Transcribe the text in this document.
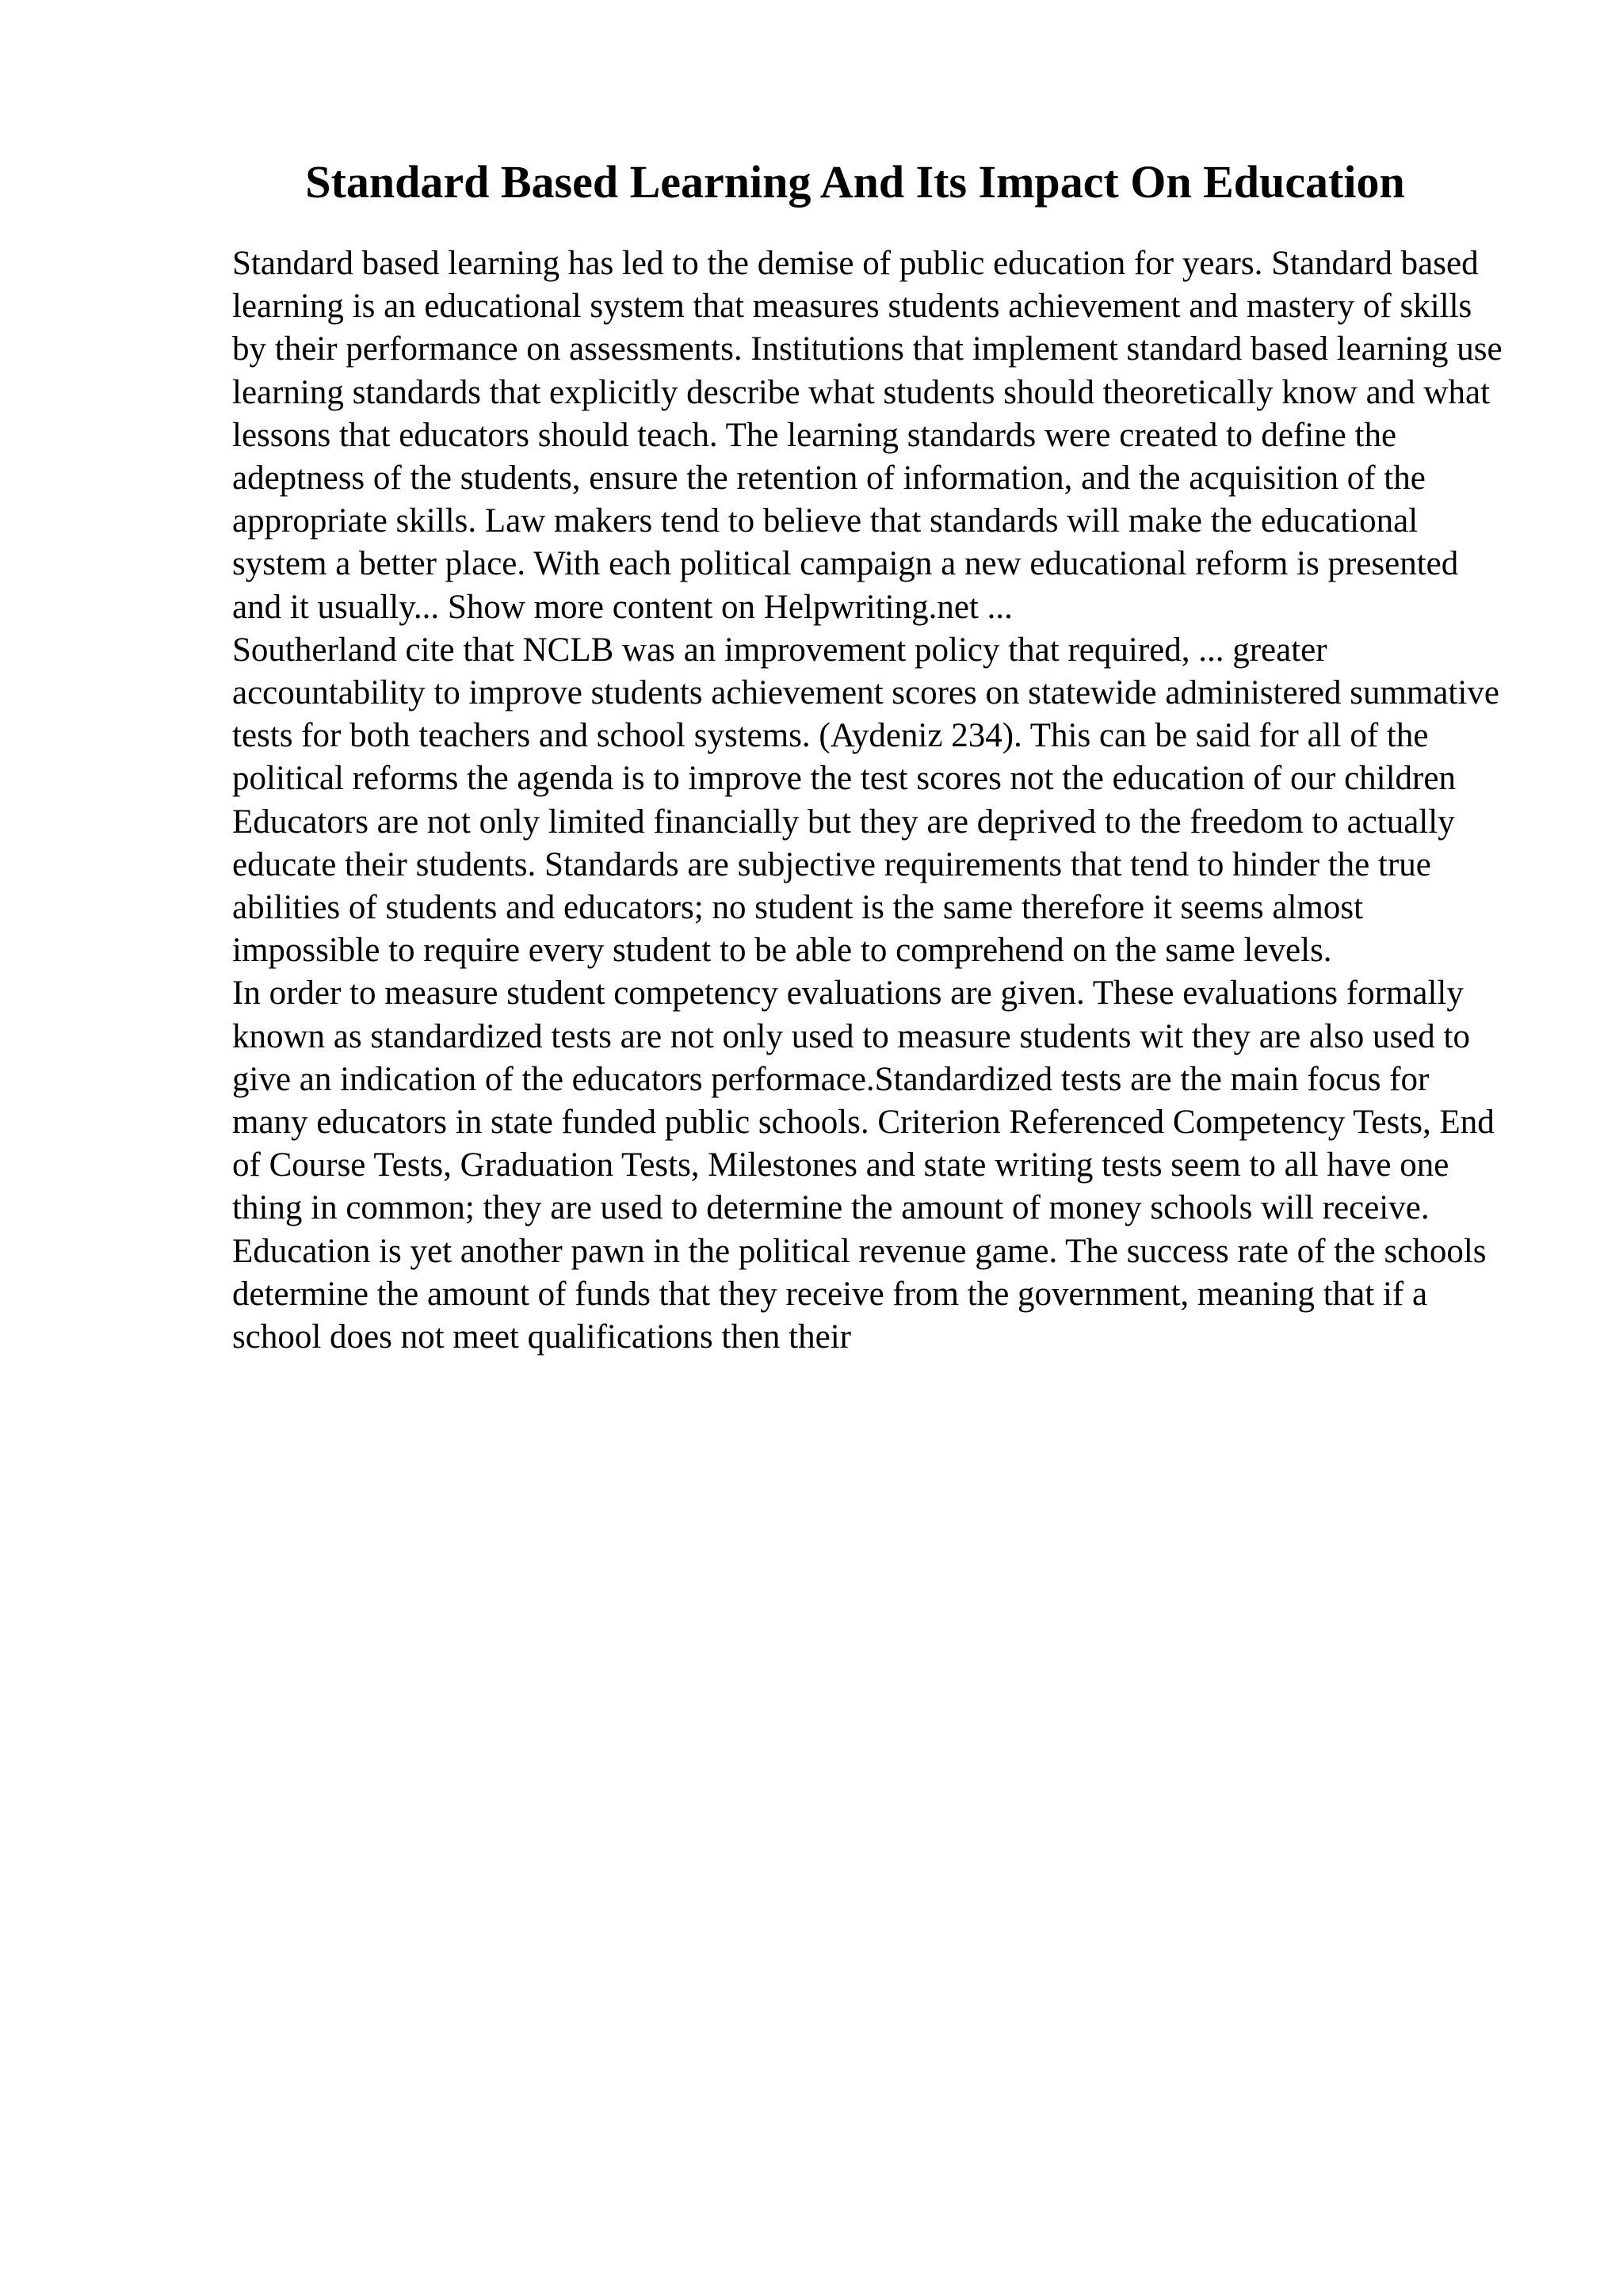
Standard Based Learning And Its Impact On Education

Standard based learning has led to the demise of public education for years. Standard based learning is an educational system that measures students achievement and mastery of skills by their performance on assessments. Institutions that implement standard based learning use learning standards that explicitly describe what students should theoretically know and what lessons that educators should teach. The learning standards were created to define the adeptness of the students, ensure the retention of information, and the acquisition of the appropriate skills. Law makers tend to believe that standards will make the educational system a better place. With each political campaign a new educational reform is presented and it usually... Show more content on Helpwriting.net ...

Southerland cite that NCLB was an improvement policy that required, ... greater accountability to improve students achievement scores on statewide administered summative tests for both teachers and school systems. (Aydeniz 234). This can be said for all of the political reforms the agenda is to improve the test scores not the education of our children Educators are not only limited financially but they are deprived to the freedom to actually educate their students. Standards are subjective requirements that tend to hinder the true abilities of students and educators; no student is the same therefore it seems almost impossible to require every student to be able to comprehend on the same levels.

In order to measure student competency evaluations are given. These evaluations formally known as standardized tests are not only used to measure students wit they are also used to give an indication of the educators performace.Standardized tests are the main focus for many educators in state funded public schools. Criterion Referenced Competency Tests, End of Course Tests, Graduation Tests, Milestones and state writing tests seem to all have one thing in common; they are used to determine the amount of money schools will receive. Education is yet another pawn in the political revenue game. The success rate of the schools determine the amount of funds that they receive from the government, meaning that if a school does not meet qualifications then their
